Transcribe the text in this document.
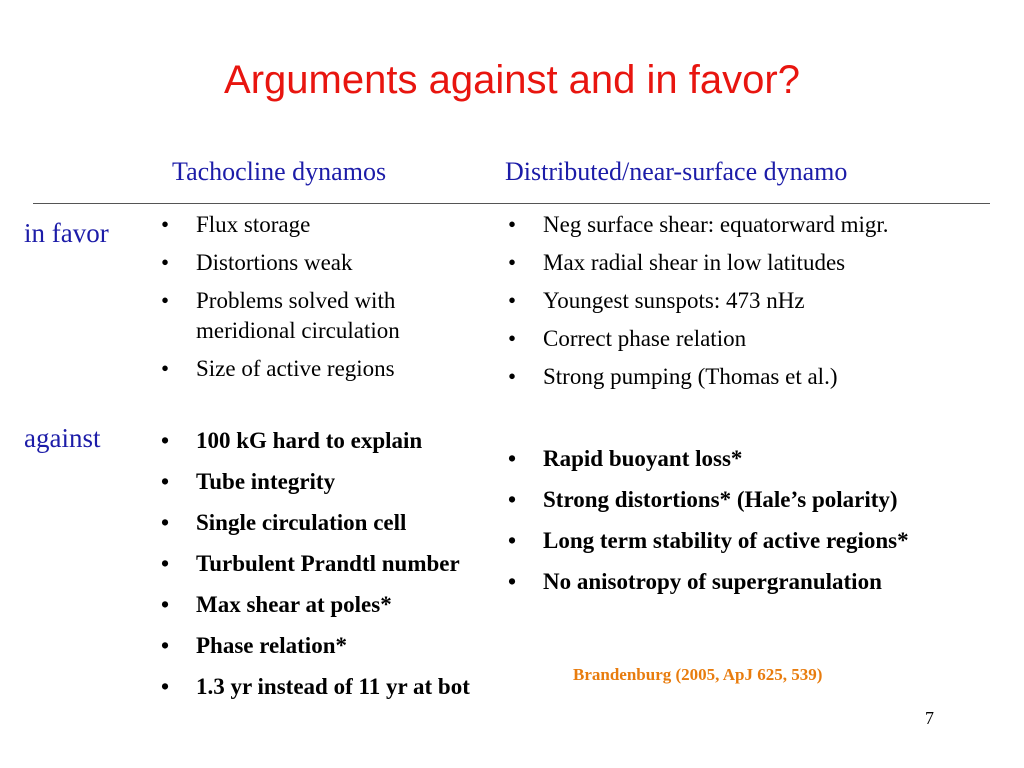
Arguments against and in favor?
Tachocline dynamos	Distributed/near-surface dynamo
in favor
against
• Flux storage
• Distortions weak
• Problems solved with meridional circulation
• Size of active regions
• Neg surface shear: equatorward migr.
• Max radial shear in low latitudes
• Youngest sunspots: 473 nHz
• Correct phase relation
• Strong pumping (Thomas et al.)
• 100 kG hard to explain
• Tube integrity
• Single circulation cell
• Turbulent Prandtl number
• Max shear at poles*
• Phase relation*
• 1.3 yr instead of 11 yr at bot
• Rapid buoyant loss*
• Strong distortions* (Hale’s polarity)
• Long term stability of active regions*
• No anisotropy of supergranulation
Brandenburg (2005, ApJ 625, 539)
7
